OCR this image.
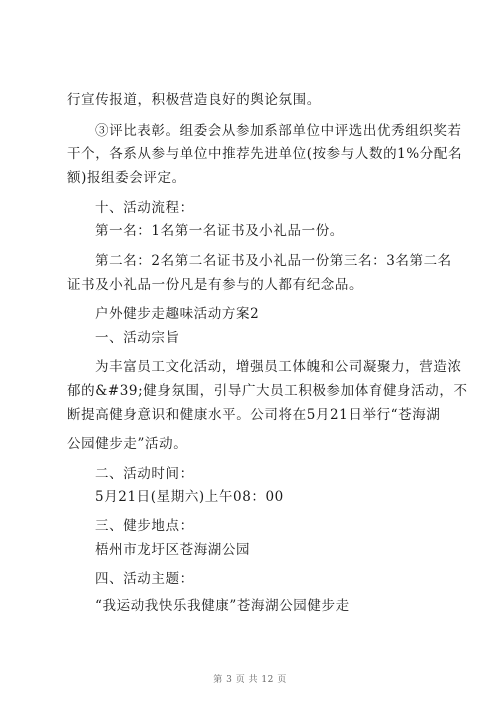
行宣传报道，积极营造良好的舆论氛围。
③评比表彰。组委会从参加系部单位中评选出优秀组织奖若
干个，各系从参与单位中推荐先进单位(按参与人数的1%分配名
额)报组委会评定。
十、活动流程：
第一名：1名第一名证书及小礼品一份。
第二名：2名第二名证书及小礼品一份第三名：3名第二名
证书及小礼品一份凡是有参与的人都有纪念品。
户外健步走趣味活动方案2
一、活动宗旨
为丰富员工文化活动，增强员工体魄和公司凝聚力，营造浓
郁的&#39;健身氛围，引导广大员工积极参加体育健身活动，不
断提高健身意识和健康水平。公司将在5月21日举行“苍海湖
公园健步走”活动。
二、活动时间：
5月21日(星期六)上午08：00
三、健步地点：
梧州市龙圩区苍海湖公园
四、活动主题：
“我运动我快乐我健康”苍海湖公园健步走
第 3 页 共 12 页
